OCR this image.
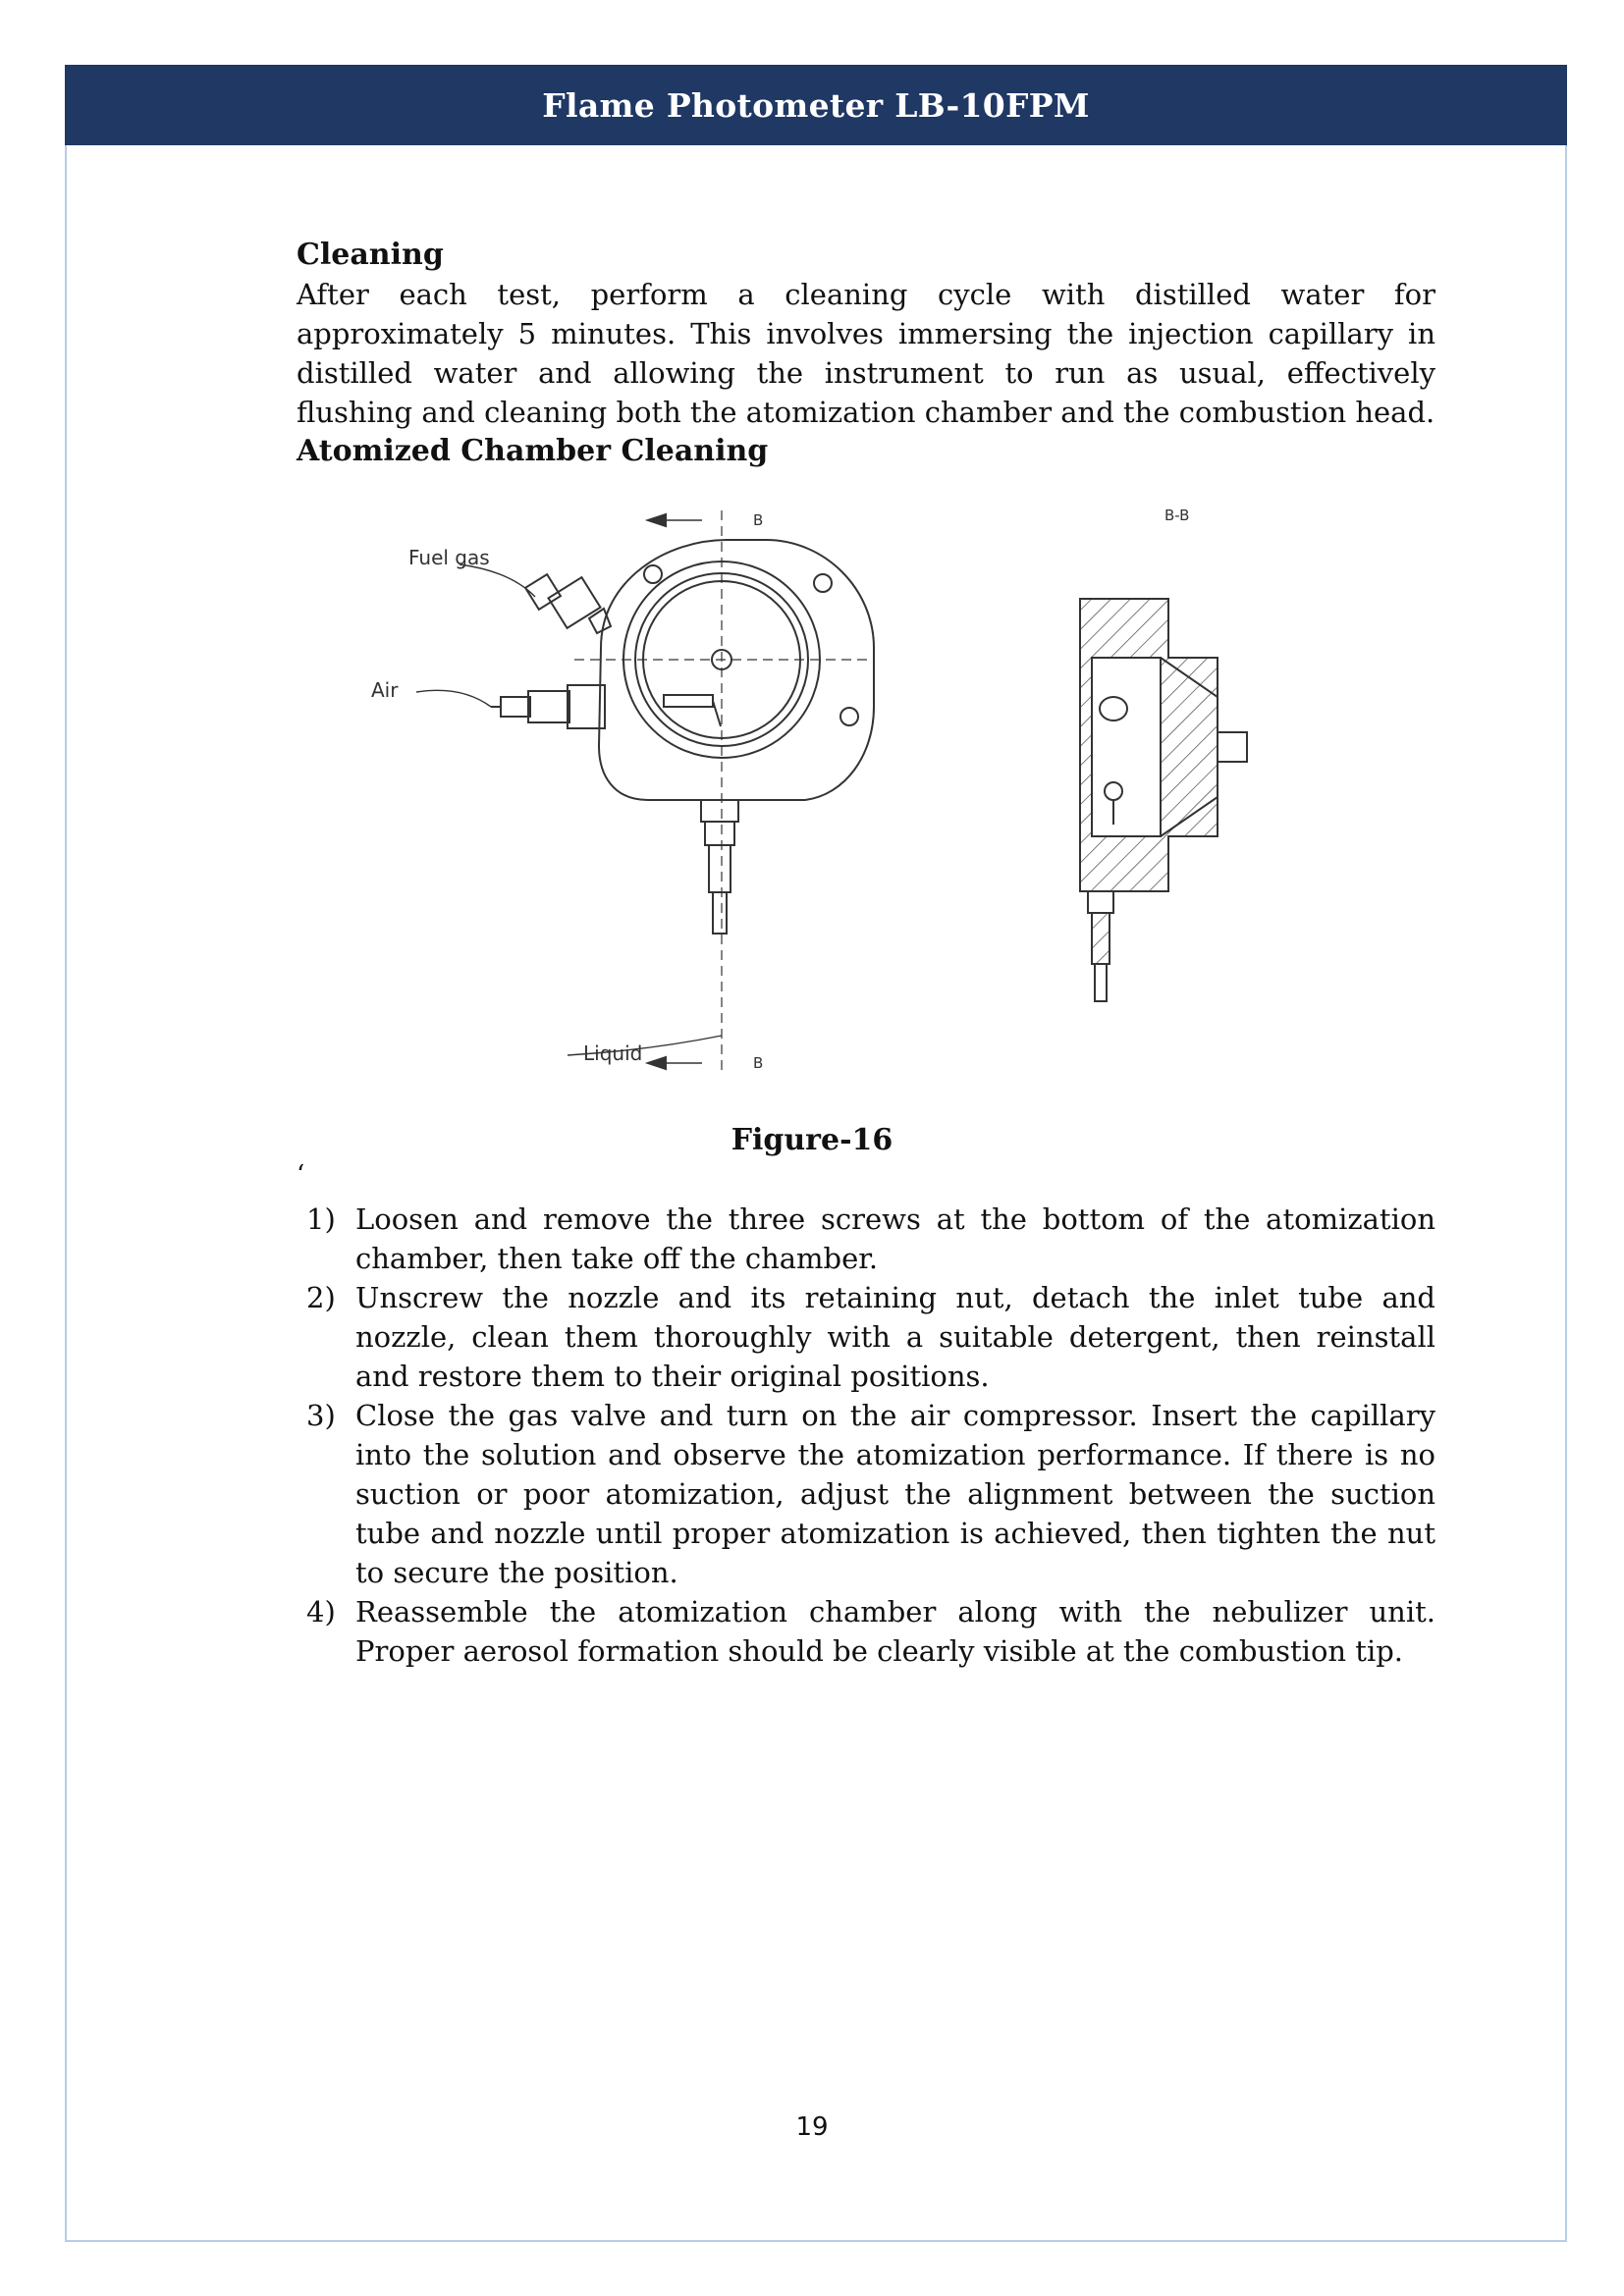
Flame Photometer LB-10FPM

Cleaning

After each test, perform a cleaning cycle with distilled water for approximately 5 minutes. This involves immersing the injection capillary in distilled water and allowing the instrument to run as usual, effectively flushing and cleaning both the atomization chamber and the combustion head.

Atomized Chamber Cleaning

Fuel gas
Air
Liquid
B
B
B-B
Figure-16
‘
1) Loosen and remove the three screws at the bottom of the atomization chamber, then take off the chamber.
2) Unscrew the nozzle and its retaining nut, detach the inlet tube and nozzle, clean them thoroughly with a suitable detergent, then reinstall and restore them to their original positions.
3) Close the gas valve and turn on the air compressor. Insert the capillary into the solution and observe the atomization performance. If there is no suction or poor atomization, adjust the alignment between the suction tube and nozzle until proper atomization is achieved, then tighten the nut to secure the position.
4) Reassemble the atomization chamber along with the nebulizer unit. Proper aerosol formation should be clearly visible at the combustion tip.
19
